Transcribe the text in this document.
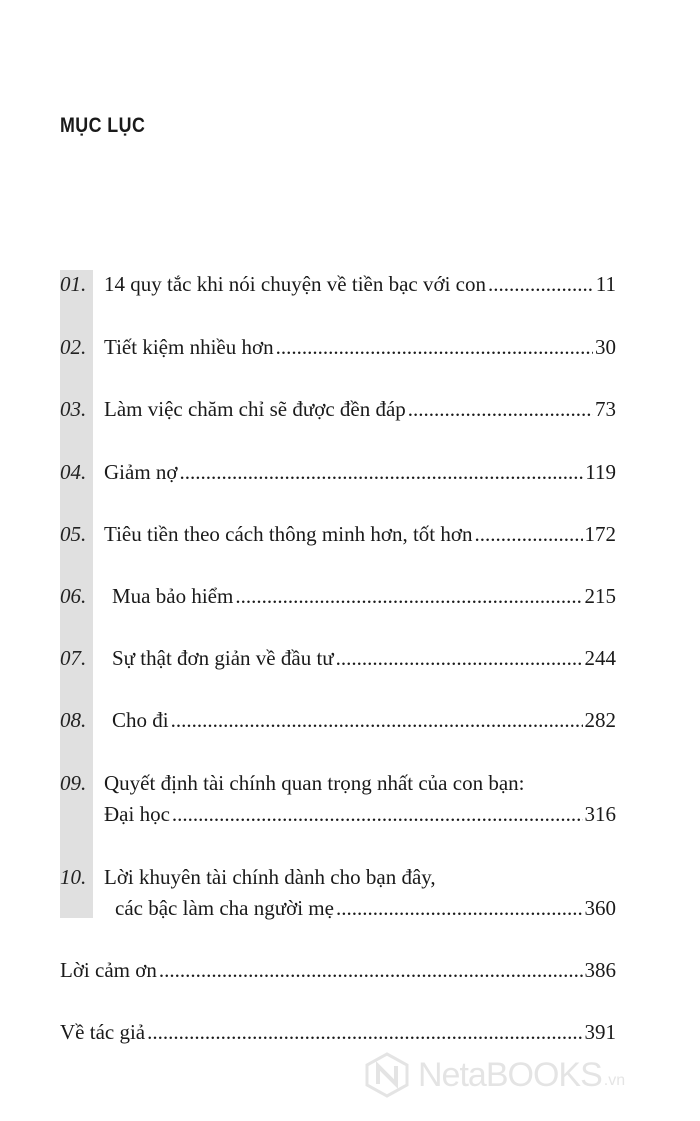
MỤC LỤC
01. 14 quy tắc khi nói chuyện về tiền bạc với con .....	11
02. Tiết kiệm nhiều hơn .....	30
03. Làm việc chăm chỉ sẽ được đền đáp .....	73
04. Giảm nợ .....	119
05. Tiêu tiền theo cách thông minh hơn, tốt hơn .....	172
06.	Mua bảo hiểm .....	215
07.	Sự thật đơn giản về đầu tư .....	244
08.	Cho đi .....	282
09. Quyết định tài chính quan trọng nhất của con bạn:
Đại học .....	316
10. Lời khuyên tài chính dành cho bạn đây,
các bậc làm cha người mẹ .....	360
Lời cảm ơn .....	386
Về tác giả .....	391
NetaBOOKS .vn
